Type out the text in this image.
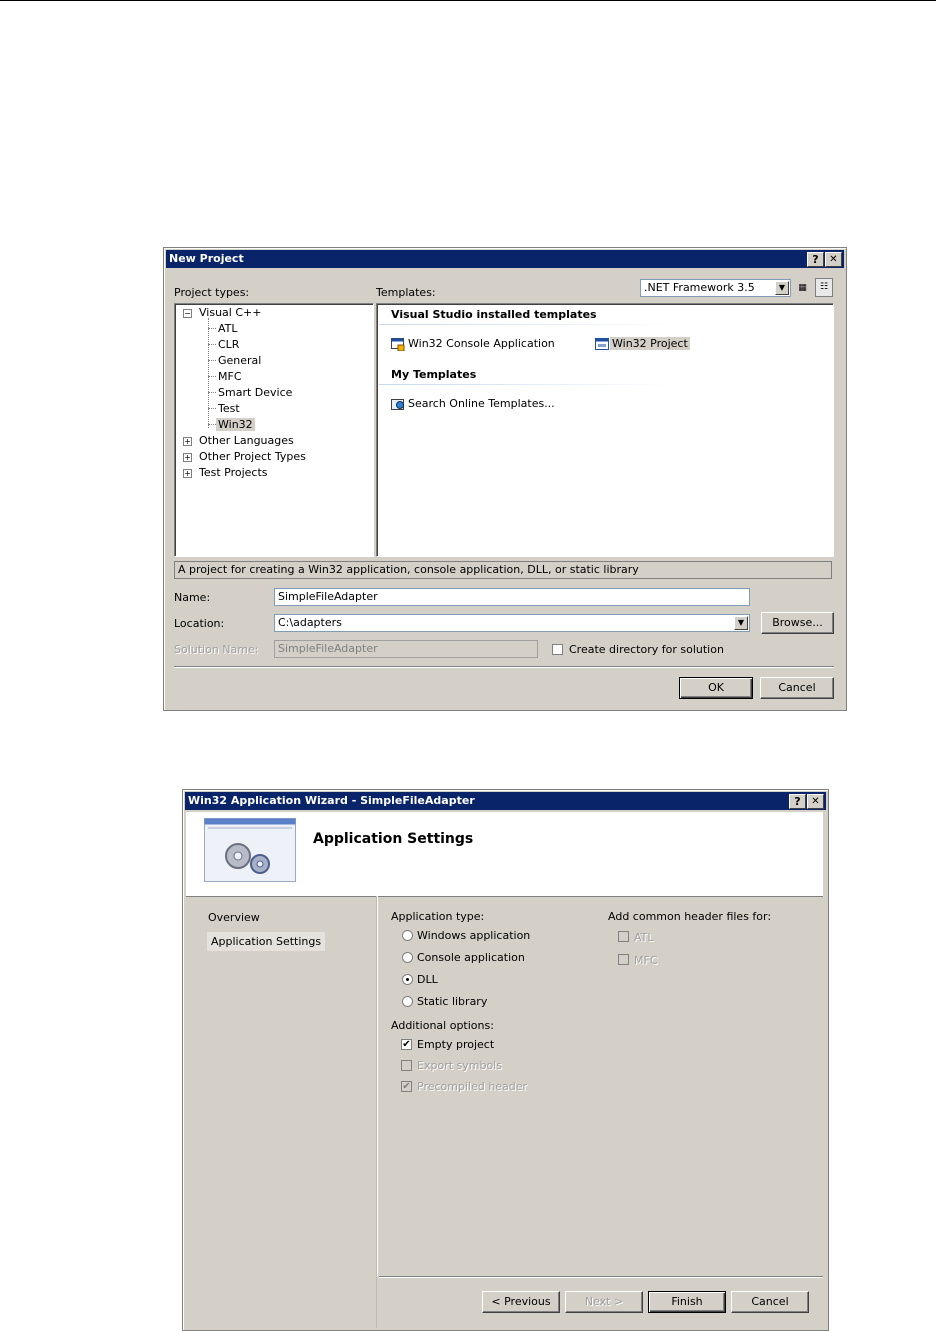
New Project	?	✕
Project types:	Templates:	.NET Framework 3.5	▼	▦	☷
− Visual C++
ATL
CLR
General
MFC
Smart Device
Test
Win32
+ Other Languages
+ Other Project Types
+ Test Projects
Visual Studio installed templates
Win32 Console Application	Win32 Project
My Templates
Search Online Templates...
A project for creating a Win32 application, console application, DLL, or static library
Name:	SimpleFileAdapter
Location:	C:\adapters	▼	Browse...
Solution Name:	SimpleFileAdapter	Create directory for solution
OK	Cancel
Win32 Application Wizard - SimpleFileAdapter	?	✕
Application Settings
Overview
Application Settings
Application type:
Windows application
Console application
DLL
Static library
Additional options:
✔ Empty project
Export symbols
✔ Precompiled header
Add common header files for:
ATL
MFC
< Previous	Next >	Finish	Cancel
